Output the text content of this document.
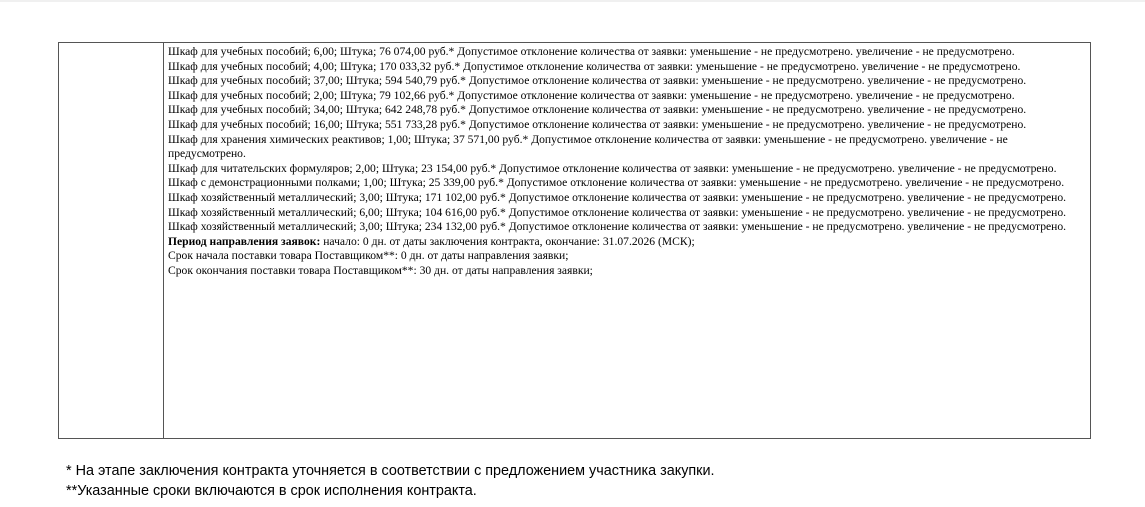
Шкаф для учебных пособий; 6,00; Штука; 76 074,00 руб.* Допустимое отклонение количества от заявки: уменьшение - не предусмотрено. увеличение - не предусмотрено.

Шкаф для учебных пособий; 4,00; Штука; 170 033,32 руб.* Допустимое отклонение количества от заявки: уменьшение - не предусмотрено. увеличение - не предусмотрено.

Шкаф для учебных пособий; 37,00; Штука; 594 540,79 руб.* Допустимое отклонение количества от заявки: уменьшение - не предусмотрено. увеличение - не предусмотрено.

Шкаф для учебных пособий; 2,00; Штука; 79 102,66 руб.* Допустимое отклонение количества от заявки: уменьшение - не предусмотрено. увеличение - не предусмотрено.

Шкаф для учебных пособий; 34,00; Штука; 642 248,78 руб.* Допустимое отклонение количества от заявки: уменьшение - не предусмотрено. увеличение - не предусмотрено.

Шкаф для учебных пособий; 16,00; Штука; 551 733,28 руб.* Допустимое отклонение количества от заявки: уменьшение - не предусмотрено. увеличение - не предусмотрено.

Шкаф для хранения химических реактивов; 1,00; Штука; 37 571,00 руб.* Допустимое отклонение количества от заявки: уменьшение - не предусмотрено. увеличение - не предусмотрено.

Шкаф для читательских формуляров; 2,00; Штука; 23 154,00 руб.* Допустимое отклонение количества от заявки: уменьшение - не предусмотрено. увеличение - не предусмотрено.

Шкаф с демонстрационными полками; 1,00; Штука; 25 339,00 руб.* Допустимое отклонение количества от заявки: уменьшение - не предусмотрено. увеличение - не предусмотрено.

Шкаф хозяйственный металлический; 3,00; Штука; 171 102,00 руб.* Допустимое отклонение количества от заявки: уменьшение - не предусмотрено. увеличение - не предусмотрено.

Шкаф хозяйственный металлический; 6,00; Штука; 104 616,00 руб.* Допустимое отклонение количества от заявки: уменьшение - не предусмотрено. увеличение - не предусмотрено.

Шкаф хозяйственный металлический; 3,00; Штука; 234 132,00 руб.* Допустимое отклонение количества от заявки: уменьшение - не предусмотрено. увеличение - не предусмотрено.

Период направления заявок: начало: 0 дн. от даты заключения контракта, окончание: 31.07.2026 (МСК);

Срок начала поставки товара Поставщиком**: 0 дн. от даты направления заявки;

Срок окончания поставки товара Поставщиком**: 30 дн. от даты направления заявки;

* На этапе заключения контракта уточняется в соответствии с предложением участника закупки.

**Указанные сроки включаются в срок исполнения контракта.
